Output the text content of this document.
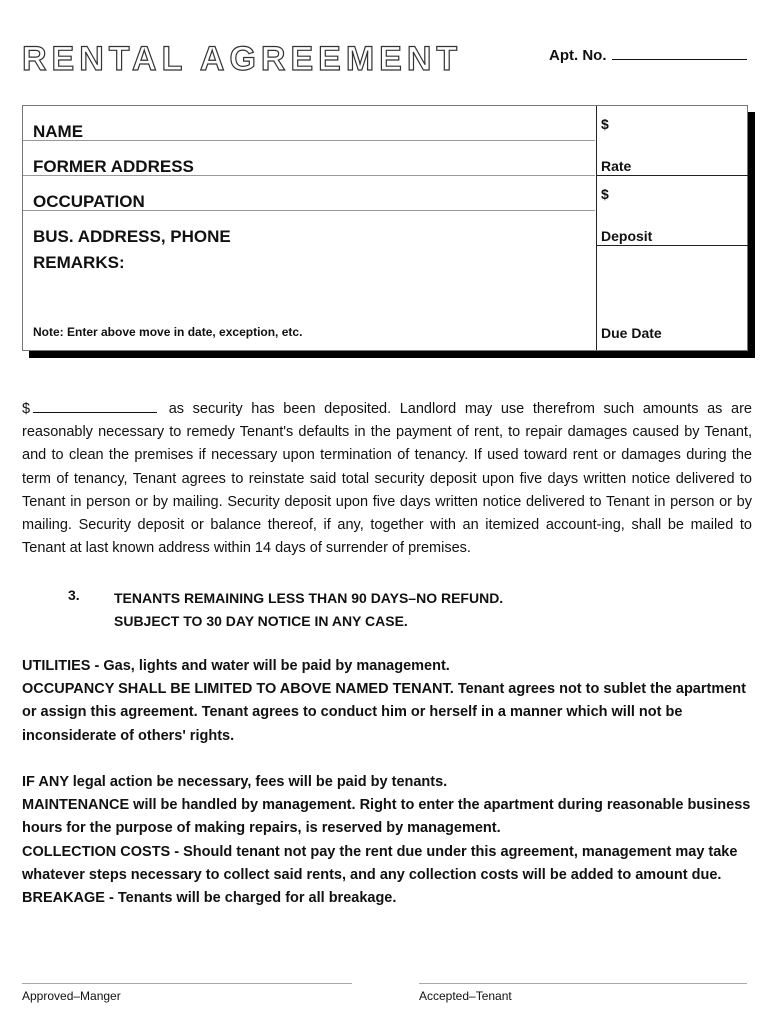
RENTAL AGREEMENT	Apt. No.
NAME
FORMER ADDRESS
OCCUPATION
BUS. ADDRESS, PHONE
REMARKS:
Note: Enter above move in date, exception, etc.
$
Rate
$
Deposit
Due Date
$	as security has been deposited. Landlord may use therefrom such amounts as are reasonably necessary to remedy Tenant's defaults in the payment of rent, to repair damages caused by Tenant, and to clean the premises if necessary upon termination of tenancy. If used toward rent or damages during the term of tenancy, Tenant agrees to reinstate said total security deposit upon five days written notice delivered to Tenant in person or by mailing. Security deposit upon five days written notice delivered to Tenant in person or by mailing. Security deposit or balance thereof, if any, together with an itemized account-ing, shall be mailed to Tenant at last known address within 14 days of surrender of premises.
3. TENANTS REMAINING LESS THAN 90 DAYS–NO REFUND.
SUBJECT TO 30 DAY NOTICE IN ANY CASE.
UTILITIES - Gas, lights and water will be paid by management.
OCCUPANCY SHALL BE LIMITED TO ABOVE NAMED TENANT. Tenant agrees not to sublet the apartment or assign this agreement. Tenant agrees to conduct him or herself in a manner which will not be inconsiderate of others' rights.
IF ANY legal action be necessary, fees will be paid by tenants.
MAINTENANCE will be handled by management. Right to enter the apartment during reasonable business hours for the purpose of making repairs, is reserved by management.
COLLECTION COSTS - Should tenant not pay the rent due under this agreement, management may take whatever steps necessary to collect said rents, and any collection costs will be added to amount due.
BREAKAGE - Tenants will be charged for all breakage.
Approved–Manger	Accepted–Tenant
